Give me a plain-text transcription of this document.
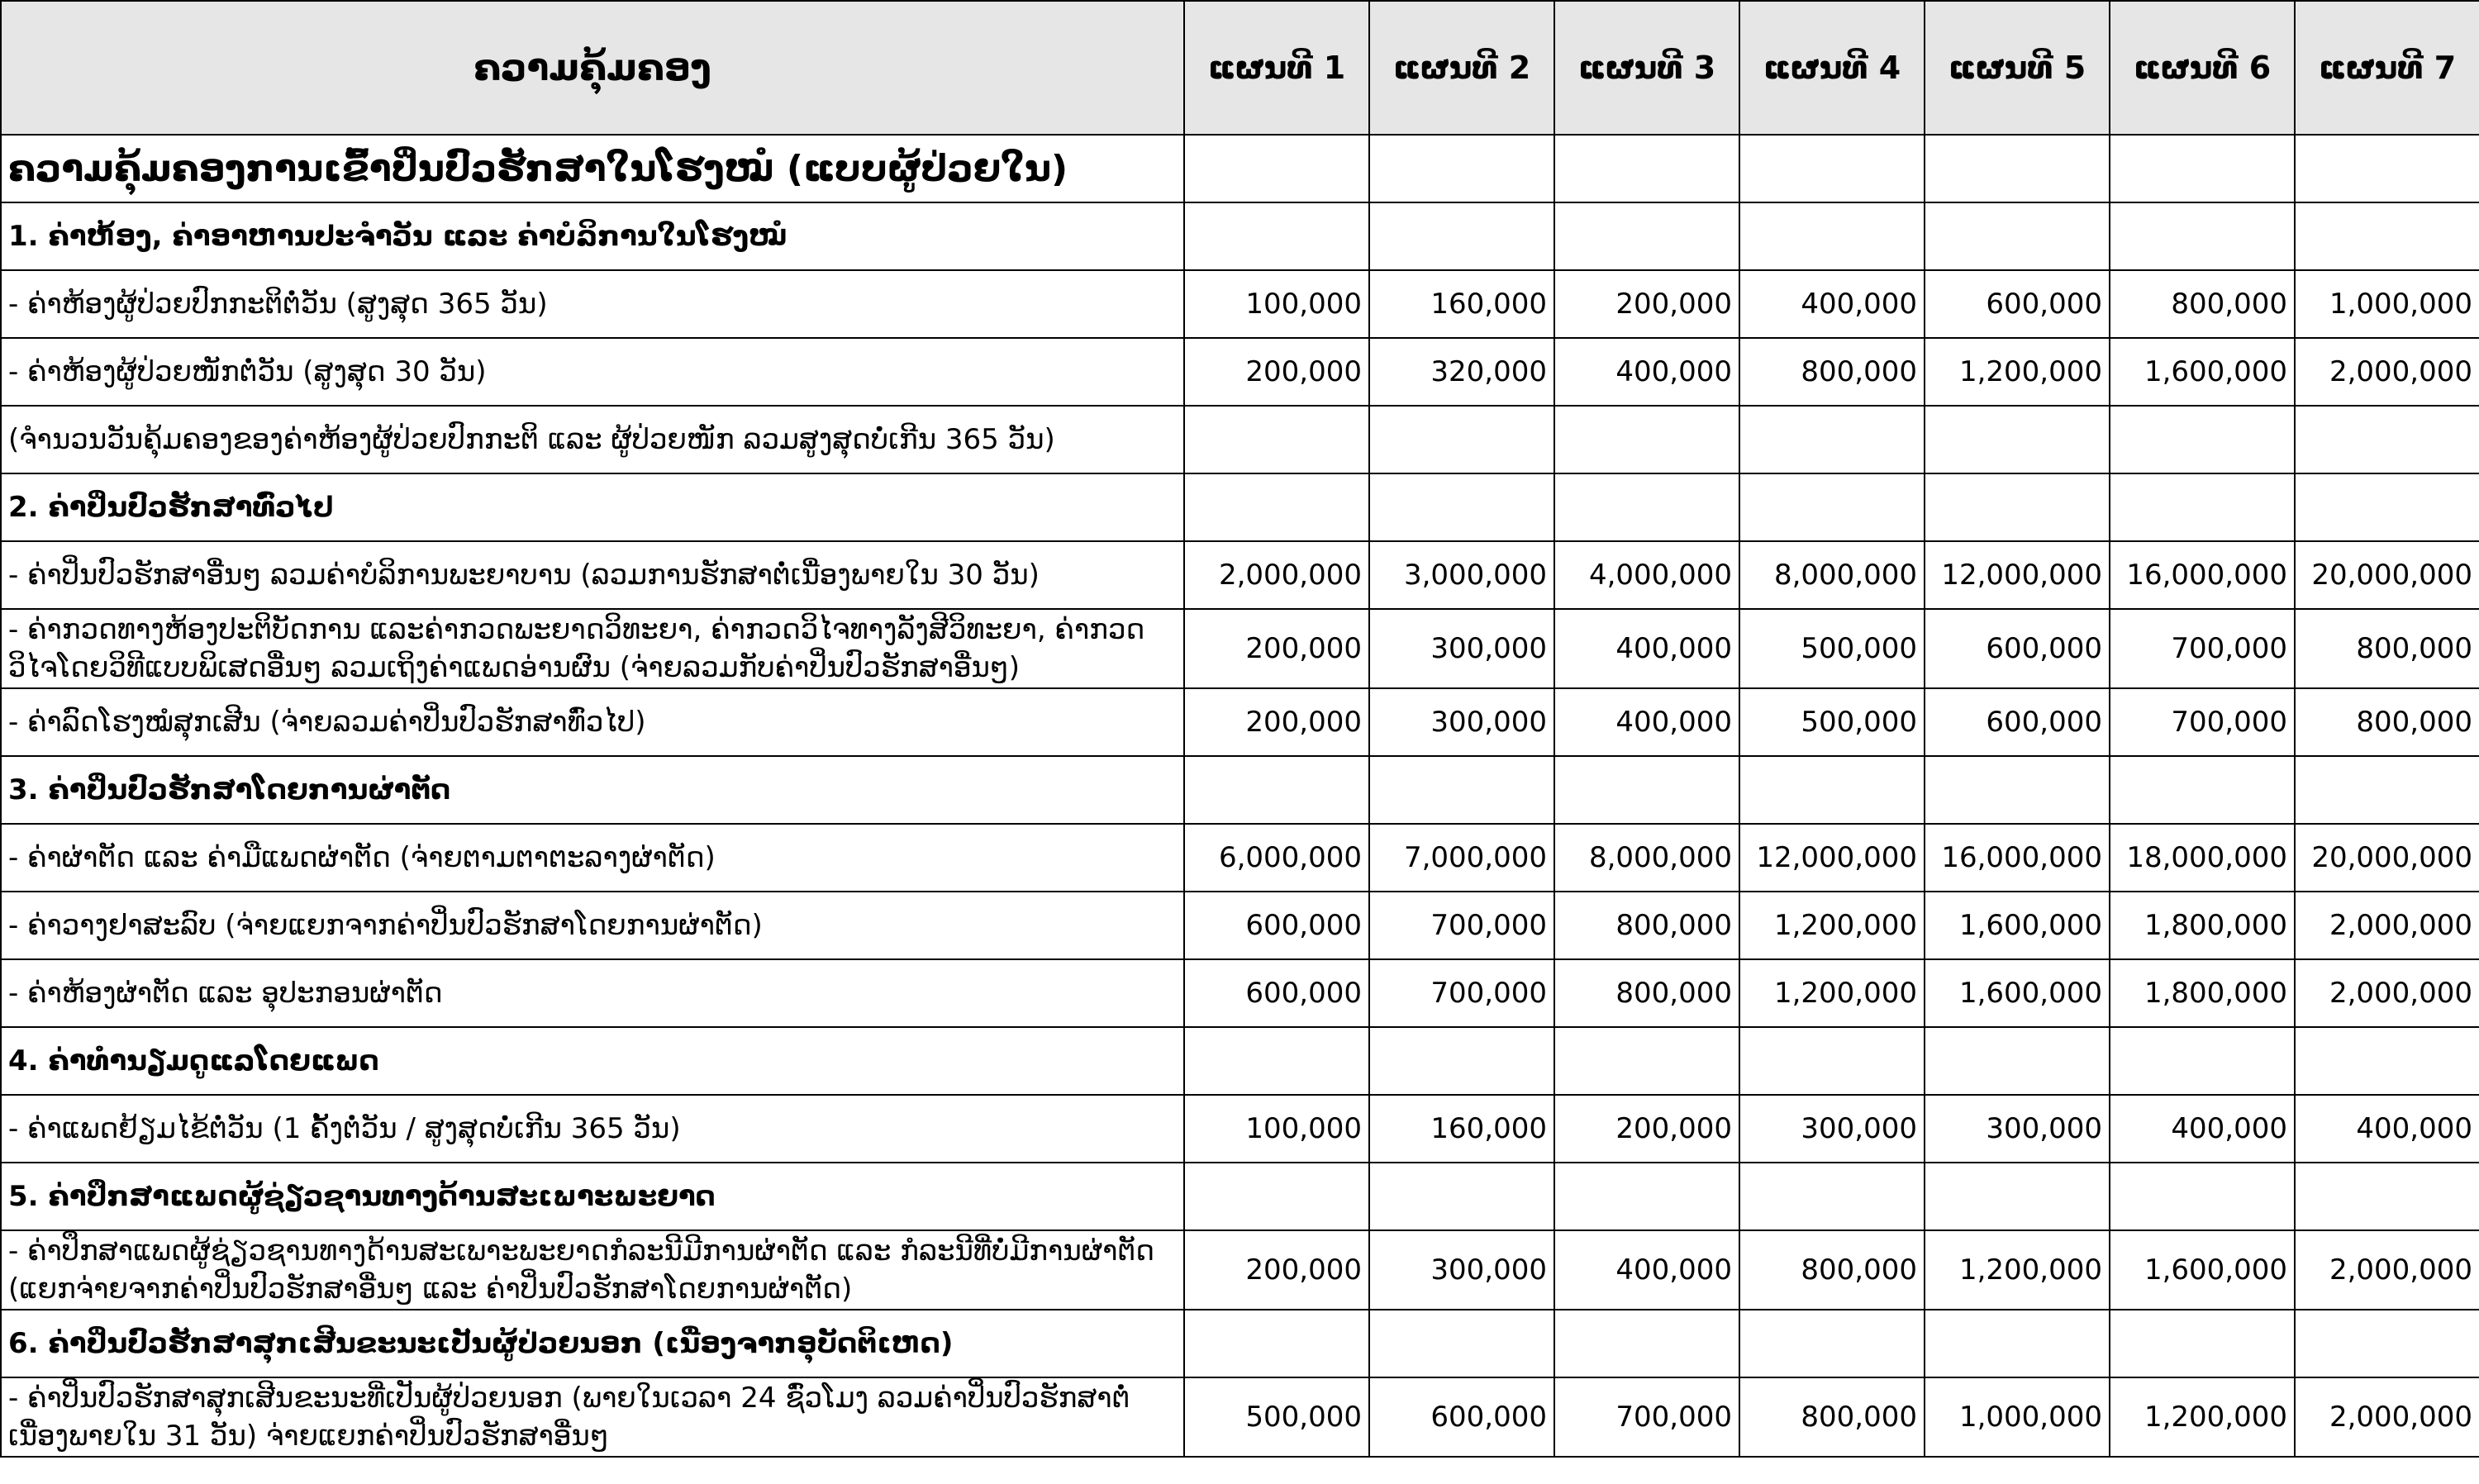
ຄວາມຄຸ້ມຄອງ	ແຜນທີ 1	ແຜນທີ 2	ແຜນທີ 3	ແຜນທີ 4	ແຜນທີ 5	ແຜນທີ 6	ແຜນທີ 7
ຄວາມຄຸ້ມຄອງການເຂົ້າປິ່ນປົວຮັກສາໃນໂຮງໝໍ (ແບບຜູ້ປ່ວຍໃນ)							
1. ຄ່າຫ້ອງ, ຄ່າອາຫານປະຈຳວັນ ແລະ ຄ່າບໍລິການໃນໂຮງໝໍ							
- ຄ່າຫ້ອງຜູ້ປ່ວຍປົກກະຕິຕໍ່ວັນ (ສູງສຸດ 365 ວັນ)	100,000	160,000	200,000	400,000	600,000	800,000	1,000,000
- ຄ່າຫ້ອງຜູ້ປ່ວຍໜັກຕໍ່ວັນ (ສູງສຸດ 30 ວັນ)	200,000	320,000	400,000	800,000	1,200,000	1,600,000	2,000,000
(ຈຳນວນວັນຄຸ້ມຄອງຂອງຄ່າຫ້ອງຜູ້ປ່ວຍປົກກະຕິ ແລະ ຜູ້ປ່ວຍໜັກ ລວມສູງສຸດບໍ່ເກີນ 365 ວັນ)							
2. ຄ່າປິ່ນປົວຮັກສາທົ່ວໄປ							
- ຄ່າປິ່ນປົວຮັກສາອື່ນໆ ລວມຄ່າບໍລິການພະຍາບານ (ລວມການຮັກສາຕໍ່ເນື່ອງພາຍໃນ 30 ວັນ)	2,000,000	3,000,000	4,000,000	8,000,000	12,000,000	16,000,000	20,000,000
- ຄ່າກວດທາງຫ້ອງປະຕິບັດການ ແລະຄ່າກວດພະຍາດວິທະຍາ, ຄ່າກວດວິໄຈທາງລັງສີວິທະຍາ, ຄ່າກວດ
ວິໄຈໂດຍວິທີແບບພິເສດອື່ນໆ ລວມເຖິງຄ່າແພດອ່ານຜົນ (ຈ່າຍລວມກັບຄ່າປິ່ນປົວຮັກສາອື່ນໆ)	200,000	300,000	400,000	500,000	600,000	700,000	800,000
- ຄ່າລົດໂຮງໝໍສຸກເສີນ (ຈ່າຍລວມຄ່າປິ່ນປົວຮັກສາທົ່ວໄປ)	200,000	300,000	400,000	500,000	600,000	700,000	800,000
3. ຄ່າປິ່ນປົວຮັກສາໂດຍການຜ່າຕັດ							
- ຄ່າຜ່າຕັດ ແລະ ຄ່າມືແພດຜ່າຕັດ (ຈ່າຍຕາມຕາຕະລາງຜ່າຕັດ)	6,000,000	7,000,000	8,000,000	12,000,000	16,000,000	18,000,000	20,000,000
- ຄ່າວາງຢາສະລົບ (ຈ່າຍແຍກຈາກຄ່າປິ່ນປົວຮັກສາໂດຍການຜ່າຕັດ)	600,000	700,000	800,000	1,200,000	1,600,000	1,800,000	2,000,000
- ຄ່າຫ້ອງຜ່າຕັດ ແລະ ອຸປະກອນຜ່າຕັດ	600,000	700,000	800,000	1,200,000	1,600,000	1,800,000	2,000,000
4. ຄ່າທຳນຽມດູແລໂດຍແພດ							
- ຄ່າແພດຢ້ຽມໄຂ້ຕໍ່ວັນ (1 ຄັ້ງຕໍ່ວັນ / ສູງສຸດບໍ່ເກີນ 365 ວັນ)	100,000	160,000	200,000	300,000	300,000	400,000	400,000
5. ຄ່າປຶກສາແພດຜູ້ຊ່ຽວຊານທາງດ້ານສະເພາະພະຍາດ							
- ຄ່າປຶກສາແພດຜູ້ຊ່ຽວຊານທາງດ້ານສະເພາະພະຍາດກໍລະນີມີການຜ່າຕັດ ແລະ ກໍລະນີທີ່ບໍ່ມີການຜ່າຕັດ
(ແຍກຈ່າຍຈາກຄ່າປິ່ນປົວຮັກສາອື່ນໆ ແລະ ຄ່າປິ່ນປົວຮັກສາໂດຍການຜ່າຕັດ)	200,000	300,000	400,000	800,000	1,200,000	1,600,000	2,000,000
6. ຄ່າປິ່ນປົວຮັກສາສຸກເສີນຂະນະເປັນຜູ້ປ່ວຍນອກ (ເນື່ອງຈາກອຸບັດຕິເຫດ)							
- ຄ່າປິ່ນປົວຮັກສາສຸກເສີນຂະນະທີ່ເປັນຜູ້ປ່ວຍນອກ (ພາຍໃນເວລາ 24 ຊົ່ວໂມງ ລວມຄ່າປິ່ນປົວຮັກສາຕໍ່
ເນື່ອງພາຍໃນ 31 ວັນ) ຈ່າຍແຍກຄ່າປິ່ນປົວຮັກສາອື່ນໆ	500,000	600,000	700,000	800,000	1,000,000	1,200,000	2,000,000
